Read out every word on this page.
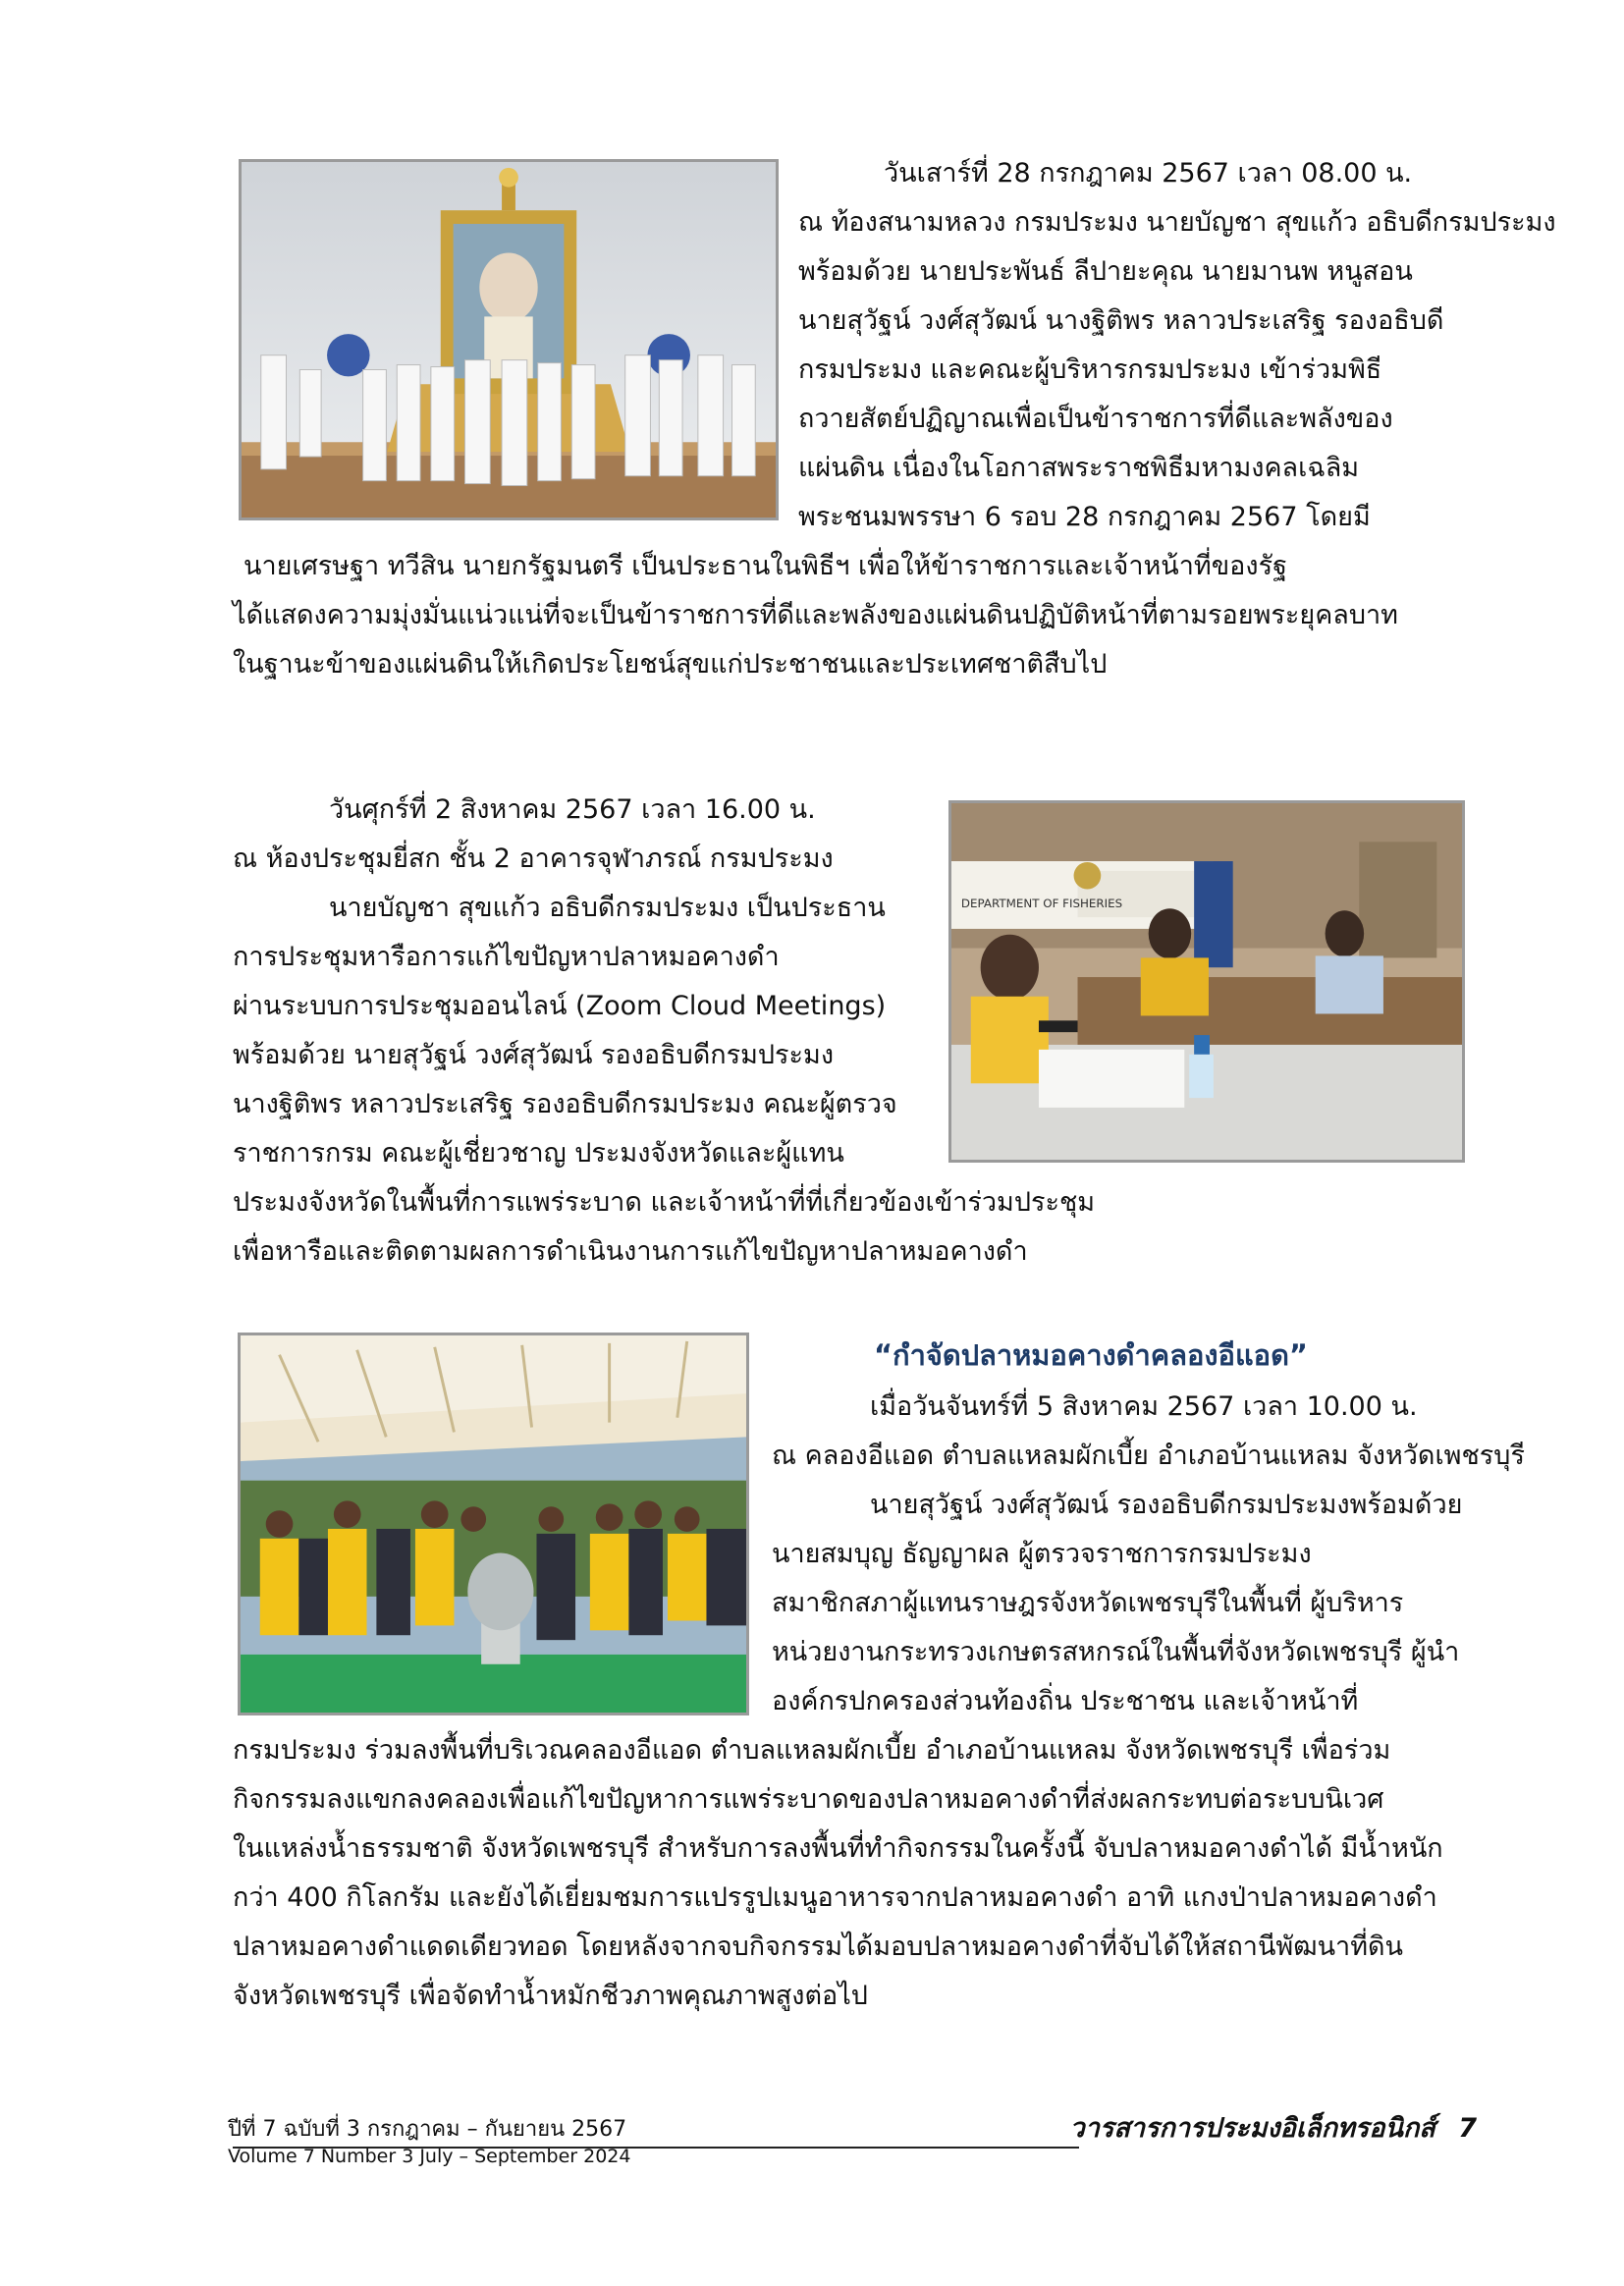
วันเสาร์ที่ 28 กรกฎาคม 2567 เวลา 08.00 น.
ณ ท้องสนามหลวง กรมประมง นายบัญชา สุขแก้ว อธิบดีกรมประมง
พร้อมด้วย นายประพันธ์ ลีปายะคุณ นายมานพ หนูสอน
นายสุวัฐน์ วงศ์สุวัฒน์ นางฐิติพร หลาวประเสริฐ รองอธิบดี
กรมประมง และคณะผู้บริหารกรมประมง เข้าร่วมพิธี
ถวายสัตย์ปฏิญาณเพื่อเป็นข้าราชการที่ดีและพลังของ
แผ่นดิน เนื่องในโอกาสพระราชพิธีมหามงคลเฉลิม
พระชนมพรรษา 6 รอบ 28 กรกฎาคม 2567 โดยมี
นายเศรษฐา ทวีสิน นายกรัฐมนตรี เป็นประธานในพิธีฯ เพื่อให้ข้าราชการและเจ้าหน้าที่ของรัฐ
ได้แสดงความมุ่งมั่นแน่วแน่ที่จะเป็นข้าราชการที่ดีและพลังของแผ่นดินปฏิบัติหน้าที่ตามรอยพระยุคลบาท
ในฐานะข้าของแผ่นดินให้เกิดประโยชน์สุขแก่ประชาชนและประเทศชาติสืบไป
วันศุกร์ที่ 2 สิงหาคม 2567 เวลา 16.00 น.
ณ ห้องประชุมยี่สก ชั้น 2 อาคารจุฬาภรณ์ กรมประมง
นายบัญชา สุขแก้ว อธิบดีกรมประมง เป็นประธาน
การประชุมหารือการแก้ไขปัญหาปลาหมอคางดำ
ผ่านระบบการประชุมออนไลน์ (Zoom Cloud Meetings)
พร้อมด้วย นายสุวัฐน์ วงศ์สุวัฒน์ รองอธิบดีกรมประมง
นางฐิติพร หลาวประเสริฐ รองอธิบดีกรมประมง คณะผู้ตรวจ
ราชการกรม คณะผู้เชี่ยวชาญ ประมงจังหวัดและผู้แทน
ประมงจังหวัดในพื้นที่การแพร่ระบาด และเจ้าหน้าที่ที่เกี่ยวข้องเข้าร่วมประชุม
เพื่อหารือและติดตามผลการดำเนินงานการแก้ไขปัญหาปลาหมอคางดำ
DEPARTMENT OF FISHERIES
“กำจัดปลาหมอคางดำคลองอีแอด”
เมื่อวันจันทร์ที่ 5 สิงหาคม 2567 เวลา 10.00 น.
ณ คลองอีแอด ตำบลแหลมผักเบี้ย อำเภอบ้านแหลม จังหวัดเพชรบุรี
นายสุวัฐน์ วงศ์สุวัฒน์ รองอธิบดีกรมประมงพร้อมด้วย
นายสมบุญ ธัญญาผล ผู้ตรวจราชการกรมประมง
สมาชิกสภาผู้แทนราษฎรจังหวัดเพชรบุรีในพื้นที่ ผู้บริหาร
หน่วยงานกระทรวงเกษตรสหกรณ์ในพื้นที่จังหวัดเพชรบุรี ผู้นำ
องค์กรปกครองส่วนท้องถิ่น ประชาชน และเจ้าหน้าที่
กรมประมง ร่วมลงพื้นที่บริเวณคลองอีแอด ตำบลแหลมผักเบี้ย อำเภอบ้านแหลม จังหวัดเพชรบุรี เพื่อร่วม
กิจกรรมลงแขกลงคลองเพื่อแก้ไขปัญหาการแพร่ระบาดของปลาหมอคางดำที่ส่งผลกระทบต่อระบบนิเวศ
ในแหล่งน้ำธรรมชาติ จังหวัดเพชรบุรี สำหรับการลงพื้นที่ทำกิจกรรมในครั้งนี้ จับปลาหมอคางดำได้ มีน้ำหนัก
กว่า 400 กิโลกรัม และยังได้เยี่ยมชมการแปรรูปเมนูอาหารจากปลาหมอคางดำ อาทิ แกงป่าปลาหมอคางดำ
ปลาหมอคางดำแดดเดียวทอด โดยหลังจากจบกิจกรรมได้มอบปลาหมอคางดำที่จับได้ให้สถานีพัฒนาที่ดิน
จังหวัดเพชรบุรี เพื่อจัดทำน้ำหมักชีวภาพคุณภาพสูงต่อไป
ปีที่ 7 ฉบับที่ 3 กรกฎาคม – กันยายน 2567
Volume 7 Number 3 July – September 2024
วารสารการประมงอิเล็กทรอนิกส์ 7
